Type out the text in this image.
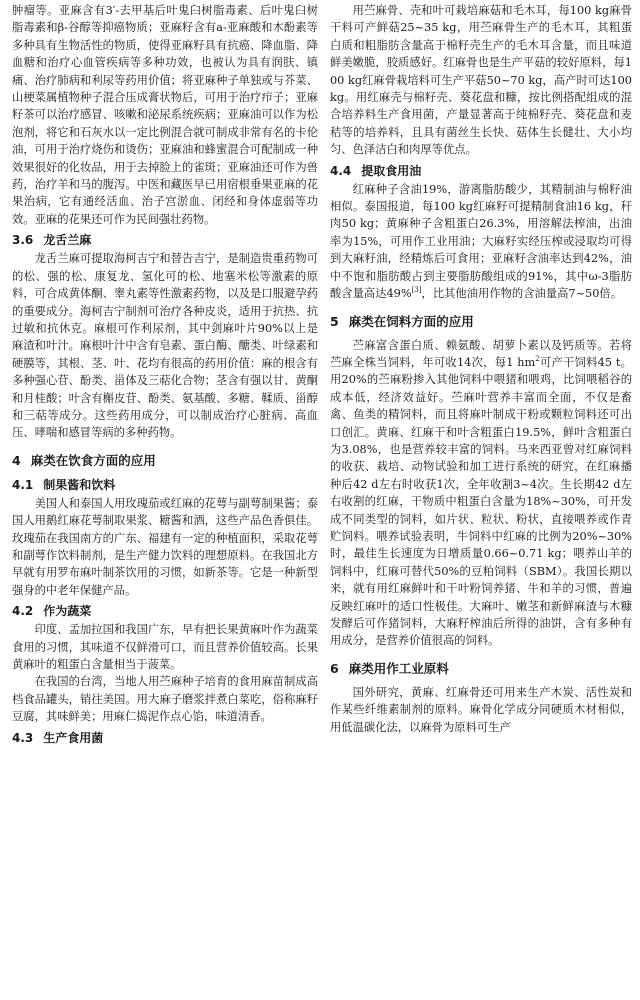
肿瘤等。亚麻含有3′-去甲基后叶鬼臼树脂毒素、后叶鬼臼树脂毒素和β-谷醇等抑癌物质；亚麻籽含有a-亚麻酸和木酚素等多种具有生物活性的物质，使得亚麻籽具有抗癌、降血脂、降血糖和治疗心血管疾病等多种功效，也被认为具有润肤、镇痛、治疗肺病和利尿等药用价值；将亚麻种子单独或与芥菜、山梗菜属植物种子混合压成膏状物后，可用于治疗疖子；亚麻籽茶可以治疗感冒、咳嗽和泌尿系统疾病；亚麻油可以作为松泡剂，将它和石灰水以一定比例混合就可制成非常有名的卡伦油，可用于治疗烧伤和烫伤；亚麻油和蜂蜜混合可配制成一种效果很好的化妆品，用于去掉脸上的雀斑；亚麻油还可作为兽药，治疗羊和马的腹泻。中医和藏医早已用宿根垂果亚麻的花果治病，它有通经活血、治子宫淤血、闭经和身体虚弱等功效。亚麻的花果还可作为民间强壮药物。

3.6 龙舌兰麻

龙舌兰麻可提取海柯吉宁和替告吉宁，是制造贵重药物可的松、强的松、康复龙、氢化可的松、地塞米松等激素的原料，可合成黄体酮、睾丸素等性激素药物，以及是口服避孕药的重要成分。海柯吉宁制剂可治疗各种皮炎，适用于抗热、抗过敏和抗休克。麻根可作利尿剂，其中剑麻叶片90%以上是麻渣和叶汁。麻根叶汁中含有皂素、蛋白酶、醣类、叶绿素和硬膜等，其根、茎、叶、花均有很高的药用价值：麻的根含有多种强心苷、酚类、甾体及三萜化合物；茎含有强以甘、黄酮和月桂酸；叶含有槲皮苷、酚类、氨基酸、多糖、鞣质、甾醇和三萜等成分。这些药用成分，可以制成治疗心脏病、高血压、哮喘和感冒等病的多种药物。

4 麻类在饮食方面的应用
4.1 制果酱和饮料

美国人和泰国人用玫瑰茄或红麻的花萼与副萼制果酱；泰国人用鹅红麻花萼制取果浆、糖酱和酒，这些产品色香俱佳。玫瑰茄在我国南方的广东、福建有一定的种植面积，采取花萼和副萼作饮料制剂，是生产健力饮料的理想原料。在我国北方早就有用罗布麻叶制茶饮用的习惯，如新茶等。它是一种新型强身的中老年保健产品。

4.2 作为蔬菜

印度、孟加拉国和我国广东，早有把长果黄麻叶作为蔬菜食用的习惯，其味道不仅鲜滑可口，而且营养价值较高。长果黄麻叶的粗蛋白含量相当于菠菜。

在我国的台湾，当地人用苎麻种子培育的食用麻苗制成高档食品罐头，销往美国。用大麻子磨浆拌煮白菜吃，俗称麻籽豆腐，其味鲜美；用麻仁捣泥作点心馅，味道清香。

4.3 生产食用菌

用苎麻骨、壳和叶可栽培麻菇和毛木耳，每100 kg麻骨干料可产鲜菇25~35 kg，用苎麻骨生产的毛木耳，其粗蛋白质和粗脂肪含量高于棉籽壳生产的毛木耳含量，而且味道鲜美嫩脆，胶质感好。红麻骨也是生产平菇的较好原料，每100 kg红麻骨栽培料可生产平菇50~70 kg，高产时可达100 kg。用红麻壳与棉籽壳、葵花盘和糠，按比例搭配组成的混合培养料生产食用菌，产量显著高于纯棉籽壳、葵花盘和麦秸等的培养料，且具有菌丝生长快、菇体生长健壮、大小均匀、色泽洁白和肉厚等优点。

4.4 提取食用油

红麻种子含油19%，游离脂肪酸少，其精制油与棉籽油相似。泰国报道，每100 kg红麻籽可提精制食油16 kg，秆肉50 kg；黄麻种子含粗蛋白26.3%，用溶解法榨油，出油率为15%，可用作工业用油；大麻籽实经压榨或浸取均可得到大麻籽油，经精炼后可食用；亚麻籽含油率达到42%，油中不饱和脂肪酸占到主要脂肪酸组成的91%，其中ω-3脂肪酸含量高达49%[3]，比其他油用作物的含油量高7~50倍。

5 麻类在饲料方面的应用

苎麻富含蛋白质、赖氨酸、胡萝卜素以及钙质等。若将苎麻全株当饲料，年可收14次，每1 $hm^2$可产干饲料45 t。用20%的苎麻粉掺入其他饲料中喂猪和喂鸡，比饲喂稻谷的成本低，经济效益好。苎麻叶营养丰富而全面，不仅是畜禽、鱼类的精饲料，而且将麻叶制成干粉或颗粒饲料还可出口创汇。黄麻、红麻干和叶含粗蛋白19.5%，鲜叶含粗蛋白为3.08%，也是营养较丰富的饲料。马来西亚曾对红麻饲料的收获、栽培、动物试验和加工进行系统的研究，在红麻播种后42 d左右时收获1次，全年收割3~4次。生长期42 d左右收割的红麻，干物质中粗蛋白含量为18%~30%，可开发成不同类型的饲料，如片状、粒状、粉状，直接喂养或作青贮饲料。喂养试验表明，牛饲料中红麻的比例为20%~30%时，最佳生长速度为日增质量0.66~0.71 kg；喂养山羊的饲料中，红麻可替代50%的豆粕饲料（SBM）。我国长期以来，就有用红麻鲜叶和干叶粉饲养猪、牛和羊的习惯，普遍反映红麻叶的适口性极佳。大麻叶、嫩茎和新鲜麻渣与木糠发酵后可作猪饲料，大麻籽榨油后所得的油饼，含有多种有用成分，是营养价值很高的饲料。

6 麻类用作工业原料

国外研究，黄麻、红麻骨还可用来生产木炭、活性炭和作某些纤维素制剂的原料。麻骨化学成分同硬质木材相似，用低温碳化法，以麻骨为原料可生产
